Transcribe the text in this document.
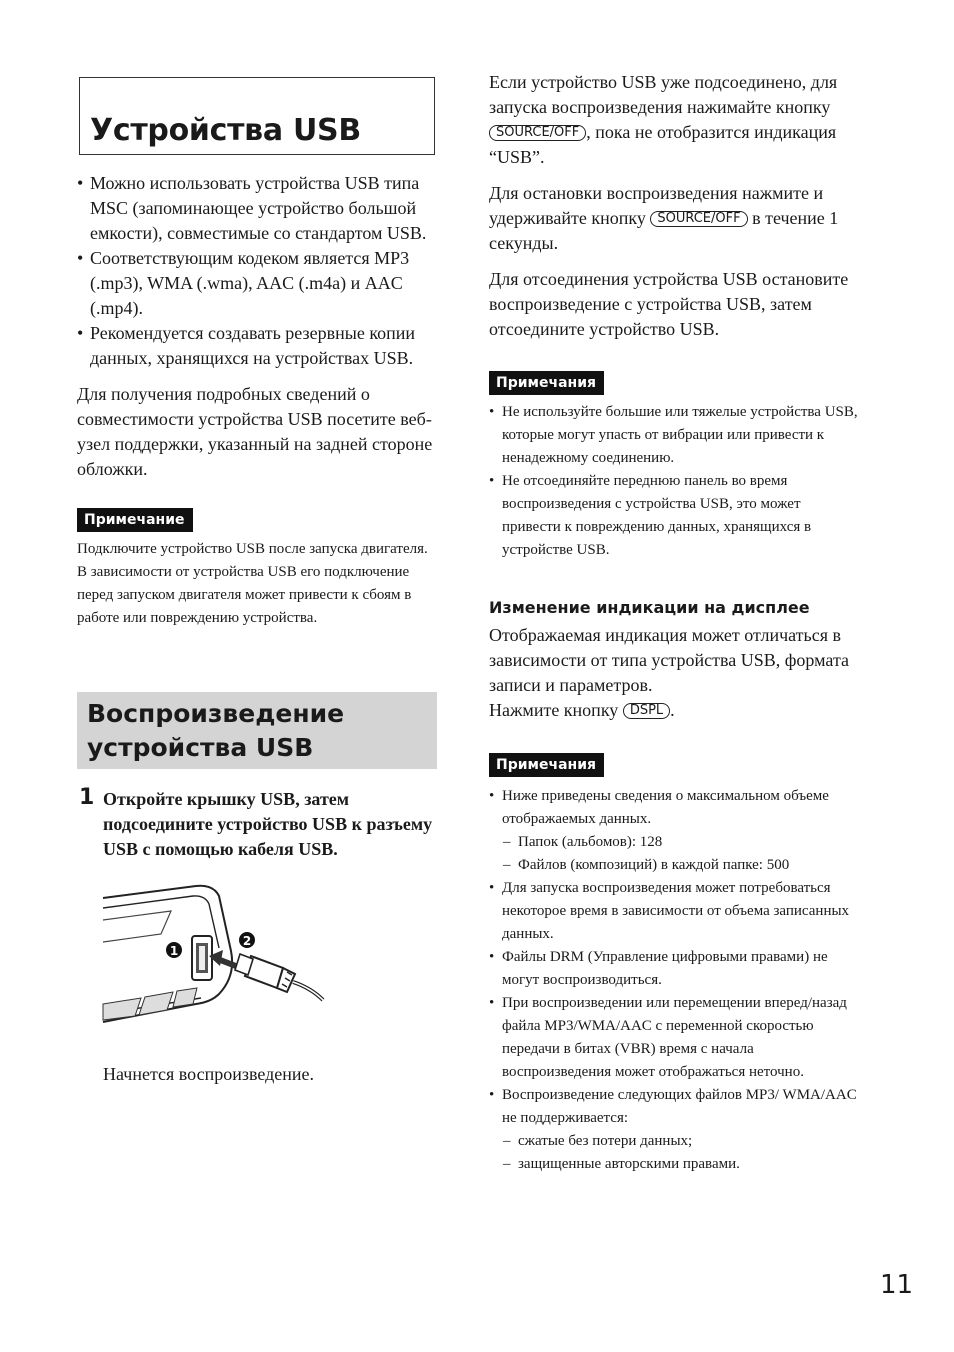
Устройства USB
• Можно использовать устройства USB типа MSC (запоминающее устройство большой емкости), совместимые со стандартом USB.
• Соответствующим кодеком является MP3 (.mp3), WMA (.wma), AAC (.m4a) и AAC (.mp4).
• Рекомендуется создавать резервные копии данных, хранящихся на устройствах USB.

Для получения подробных сведений о совместимости устройства USB посетите веб-узел поддержки, указанный на задней стороне обложки.

Примечание

Подключите устройство USB после запуска двигателя.

В зависимости от устройства USB его подключение перед запуском двигателя может привести к сбоям в работе или повреждению устройства.

Воспроизведение
устройства USB
1 Откройте крышку USB, затем подсоедините устройство USB к разъему USB с помощью кабеля USB.
1
2

Начнется воспроизведение.

Если устройство USB уже подсоединено, для запуска воспроизведения нажимайте кнопку SOURCE/OFF , пока не отобразится индикация “USB”.

Для остановки воспроизведения нажмите и удерживайте кнопку SOURCE/OFF в течение 1 секунды.

Для отсоединения устройства USB остановите воспроизведение с устройства USB, затем отсоедините устройство USB.

Примечания
• Не используйте большие или тяжелые устройства USB, которые могут упасть от вибрации или привести к ненадежному соединению.
• Не отсоединяйте переднюю панель во время воспроизведения с устройства USB, это может привести к повреждению данных, хранящихся в устройстве USB.
Изменение индикации на дисплее

Отображаемая индикация может отличаться в зависимости от типа устройства USB, формата записи и параметров.

Нажмите кнопку DSPL .

Примечания
• Ниже приведены сведения о максимальном объеме отображаемых данных.
– Папок (альбомов): 128
– Файлов (композиций) в каждой папке: 500
• Для запуска воспроизведения может потребоваться некоторое время в зависимости от объема записанных данных.
• Файлы DRM (Управление цифровыми правами) не могут воспроизводиться.
• При воспроизведении или перемещении вперед/назад файла MP3/WMA/AAC с переменной скоростью передачи в битах (VBR) время с начала воспроизведения может отображаться неточно.
• Воспроизведение следующих файлов MP3/ WMA/AAC не поддерживается:
– сжатые без потери данных;
– защищенные авторскими правами.
11
